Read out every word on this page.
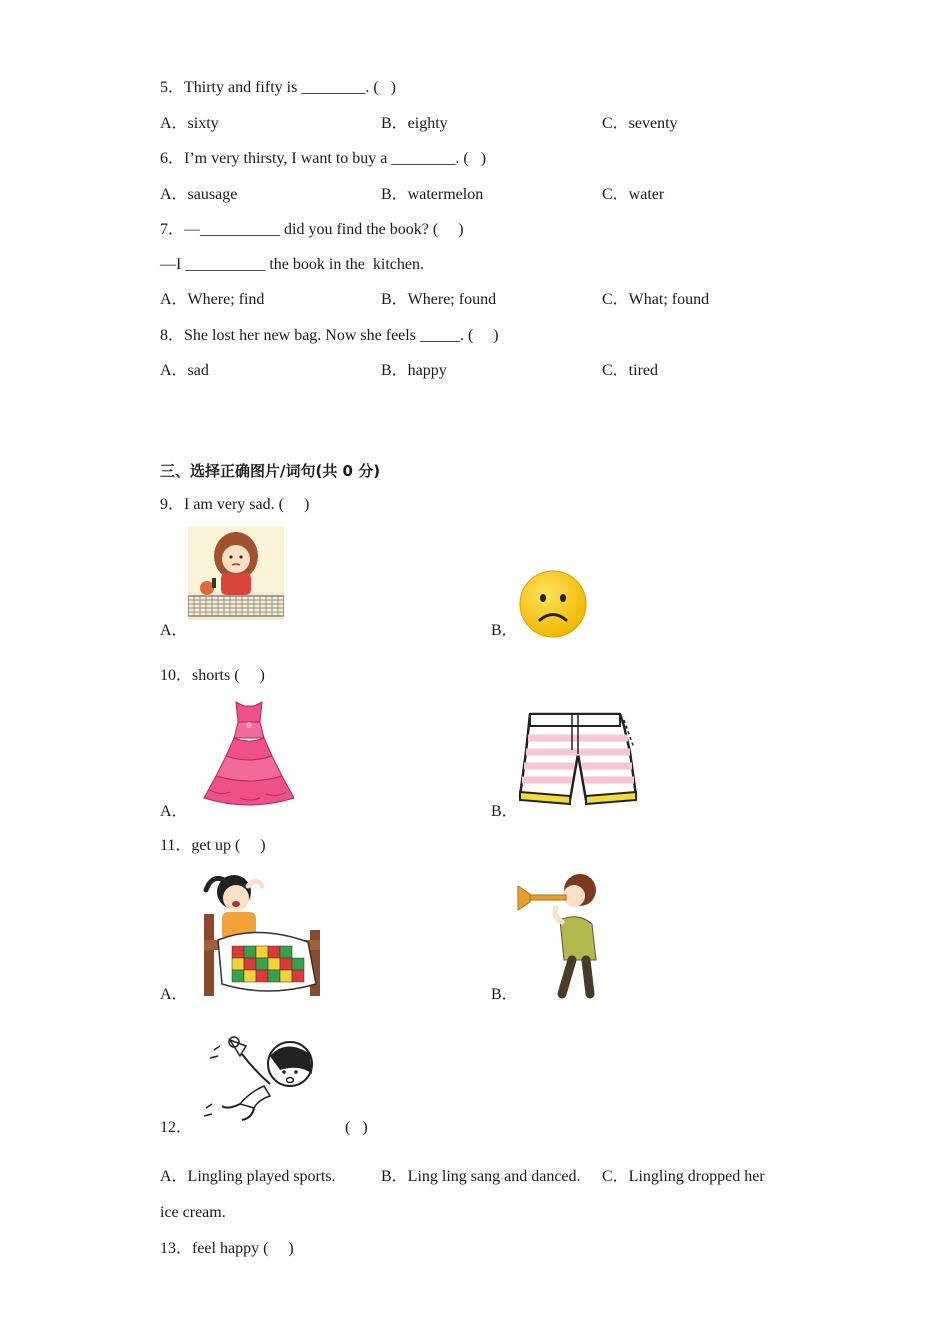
5．Thirty and fifty is ________. (   )
A．sixty	B．eighty	C．seventy
6．I’m very thirsty, I want to buy a ________. (   )
A．sausage	B．watermelon	C．water
7．—__________ did you find the book? (     )
—I __________ the book in the  kitchen.
A．Where; find	B．Where; found	C．What; found
8．She lost her new bag. Now she feels _____. (     )
A．sad	B．happy	C．tired
三、选择正确图片/词句(共 0 分)
9．I am very sad. (     )
A．	B．
10．shorts (     )
A．	B．
11．get up (     )
A．	B．
12．	(   )
A．Lingling played sports.	B．Ling ling sang and danced. C．Lingling dropped her
ice cream.
13．feel happy (     )
